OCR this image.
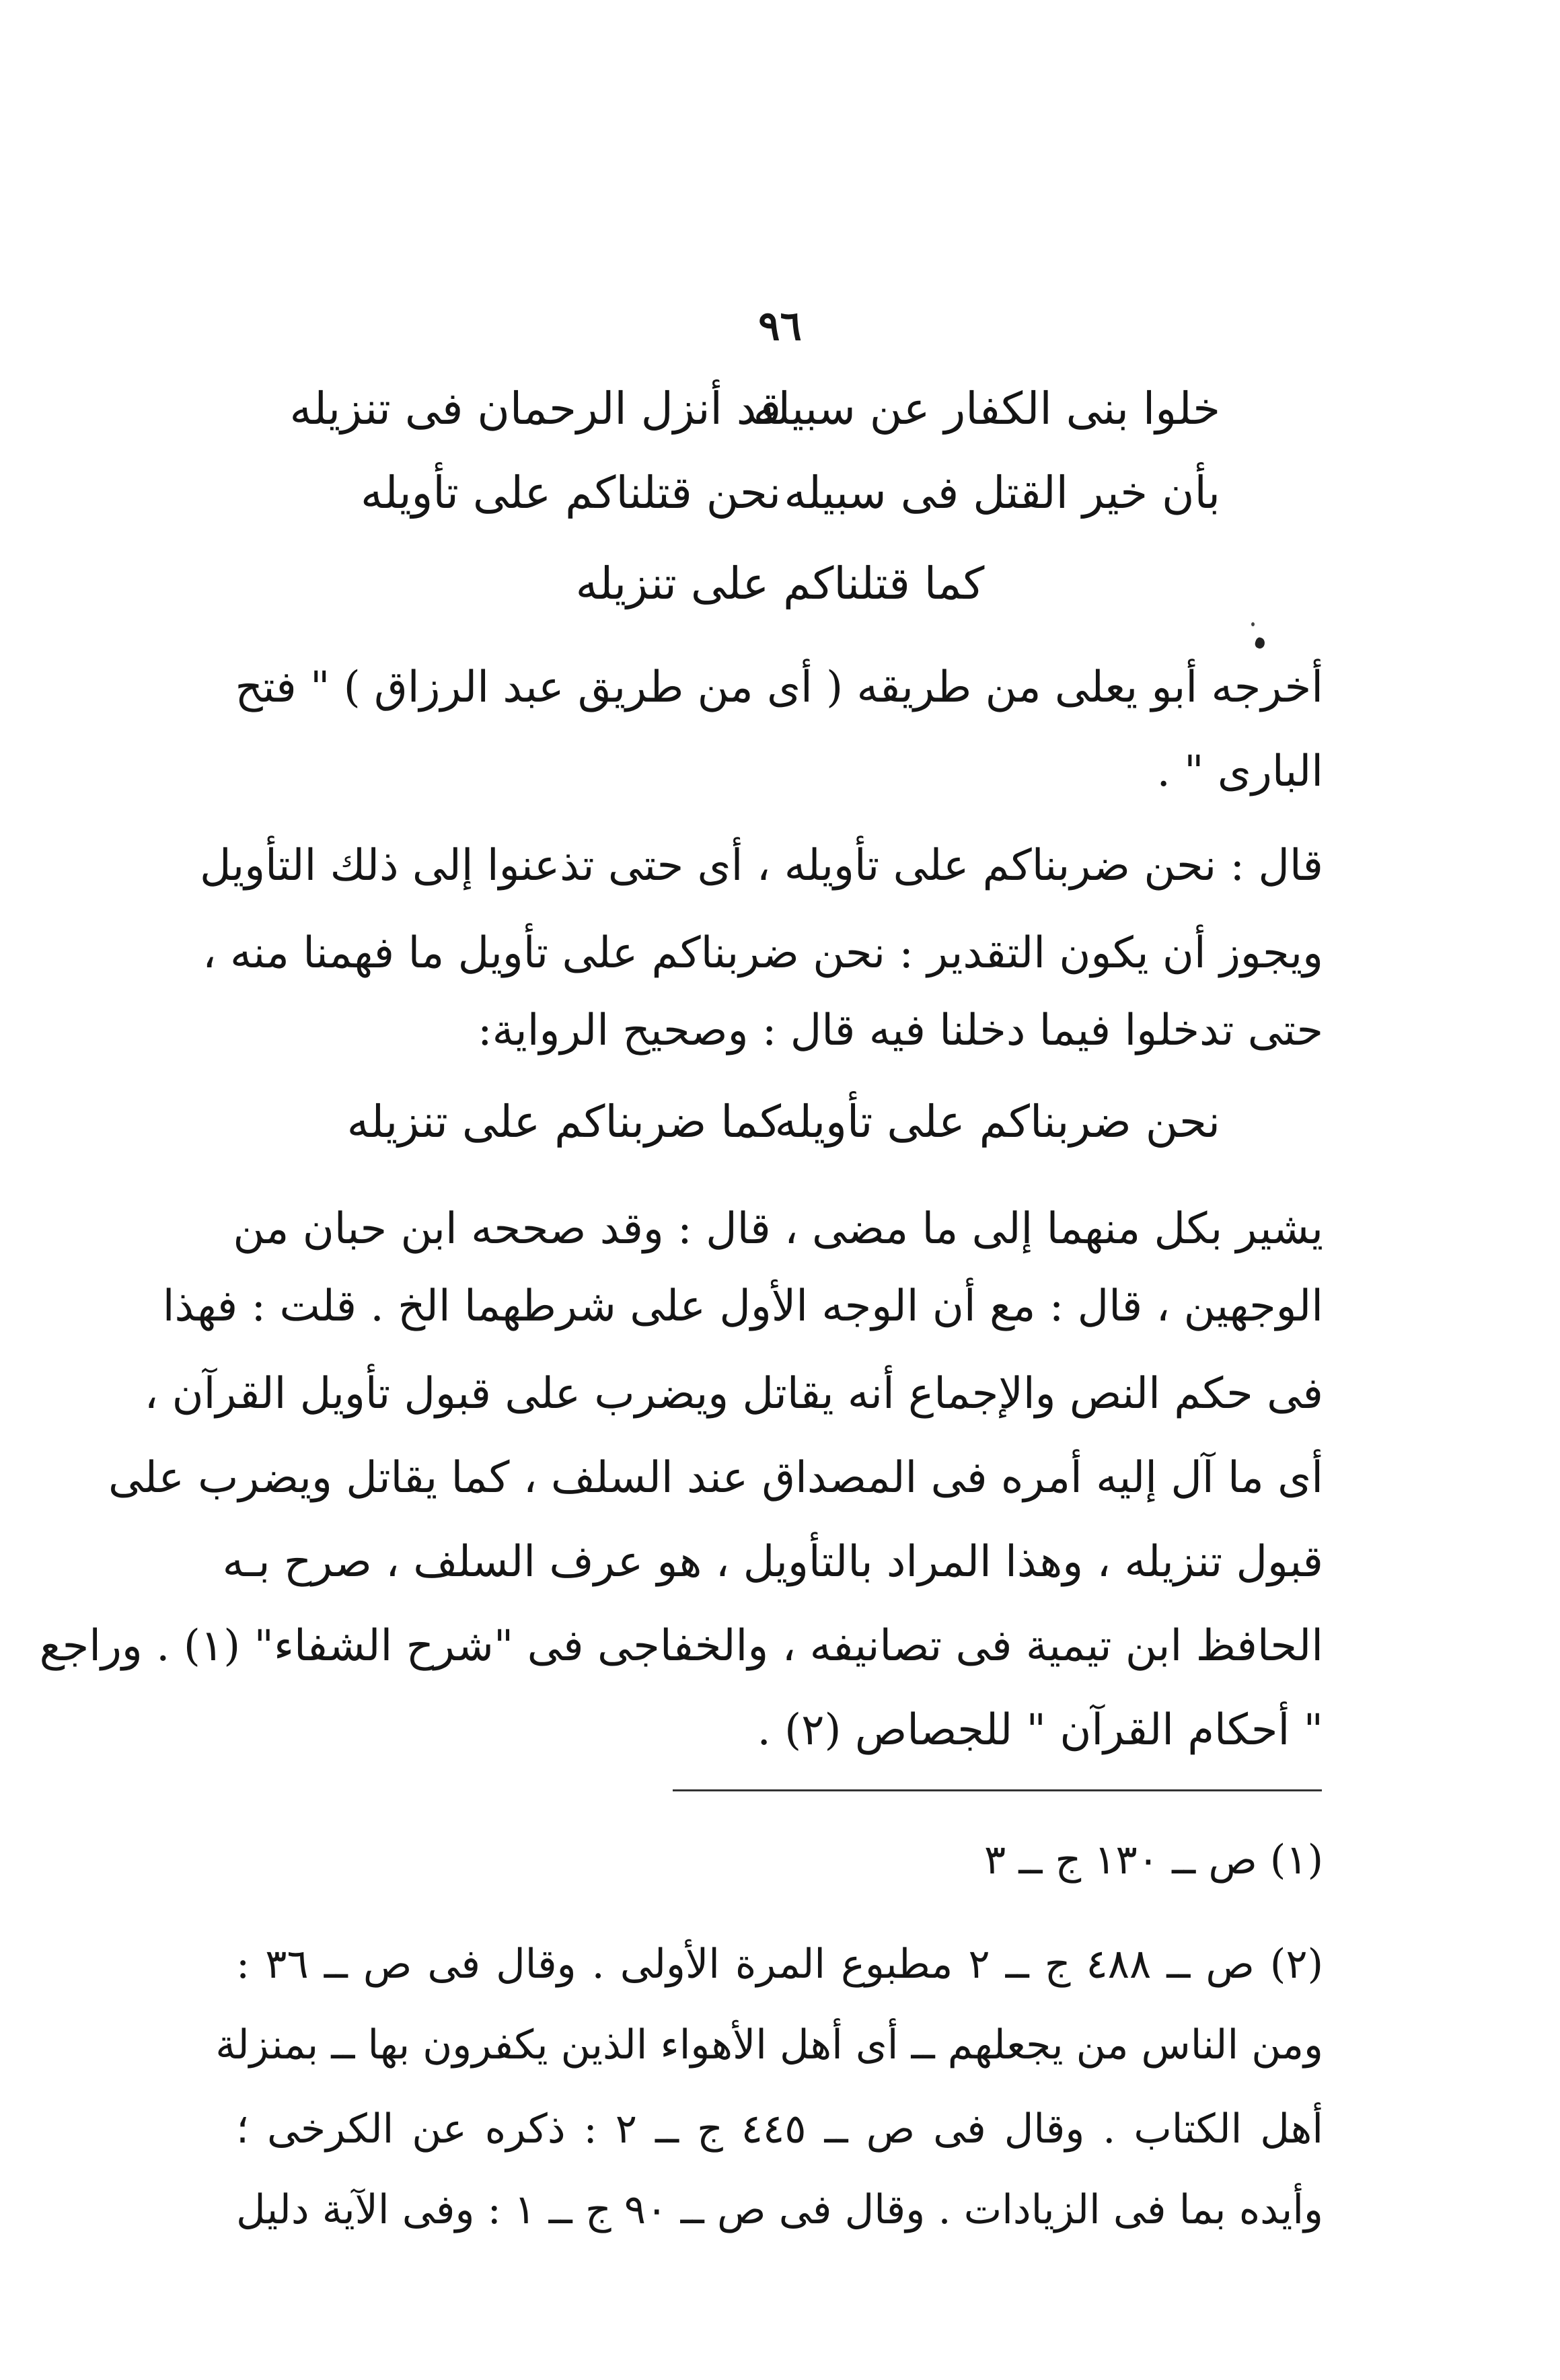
٩٦
خلوا بنى الكفار عن سبيله
قد أنزل الرحمان فى تنزيله
بأن خير القتل فى سبيله
نحن قتلناكم على تأويله
كما قتلناكم على تنزيله
أخرجه أبو يعلى من طريقه ( أى من طريق عبد الرزاق ) " فتح
البارى " .
قال : نحن ضربناكم على تأويله ، أى حتى تذعنوا إلى ذلك التأويل
ويجوز أن يكون التقدير : نحن ضربناكم على تأويل ما فهمنا منه ،
حتى تدخلوا فيما دخلنا فيه قال : وصحيح الرواية:
نحن ضربناكم على تأويله
كما ضربناكم على تنزيله
يشير بكل منهما إلى ما مضى ، قال : وقد صححه ابن حبان من
الوجهين ، قال : مع أن الوجه الأول على شرطهما الخ . قلت : فهذا
فى حكم النص والإجماع أنه يقاتل ويضرب على قبول تأويل القرآن ،
أى ما آل إليه أمره فى المصداق عند السلف ، كما يقاتل ويضرب على
قبول تنزيله ، وهذا المراد بالتأويل ، هو عرف السلف ، صرح بـه
الحافظ ابن تيمية فى تصانيفه ، والخفاجى فى "شرح الشفاء" (١) . وراجع
" أحكام القرآن " للجصاص (٢) .
(١) ص ــ ١٣٠ ج ــ ٣
(٢) ص ــ ٤٨٨ ج ــ ٢ مطبوع المرة الأولى . وقال فى ص ــ ٣٦ :
ومن الناس من يجعلهم ــ أى أهل الأهواء الذين يكفرون بها ــ بمنزلة
أهل الكتاب . وقال فى ص ــ ٤٤٥ ج ــ ٢ : ذكره عن الكرخى ؛
وأيده بما فى الزيادات . وقال فى ص ــ ٩٠ ج ــ ١ : وفى الآية دليل
